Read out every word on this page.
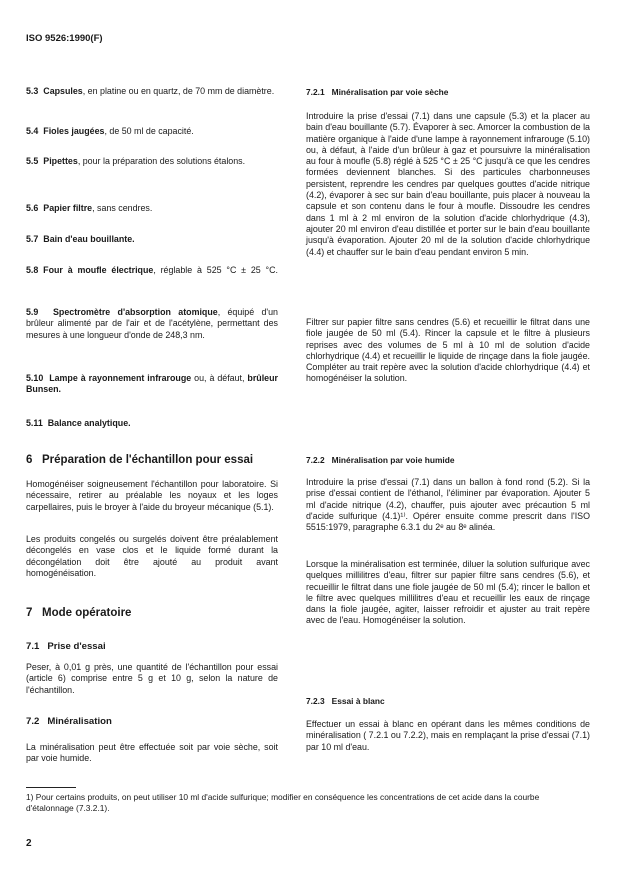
ISO 9526:1990(F)

5.3 Capsules, en platine ou en quartz, de 70 mm de diamètre.

5.4 Fioles jaugées, de 50 ml de capacité.

5.5 Pipettes, pour la préparation des solutions étalons.

5.6 Papier filtre, sans cendres.

5.7 Bain d'eau bouillante.

5.8 Four à moufle électrique, réglable à 525 °C ± 25 °C.

5.9 Spectromètre d'absorption atomique, équipé d'un brûleur alimenté par de l'air et de l'acétylène, permettant des mesures à une longueur d'onde de 248,3 nm.

5.10 Lampe à rayonnement infrarouge ou, à défaut, brûleur Bunsen.

5.11 Balance analytique.

6 Préparation de l'échantillon pour essai

Homogénéiser soigneusement l'échantillon pour laboratoire. Si nécessaire, retirer au préalable les noyaux et les loges carpellaires, puis le broyer à l'aide du broyeur mécanique (5.1).

Les produits congelés ou surgelés doivent être préalablement décongelés en vase clos et le liquide formé durant la décongélation doit être ajouté au produit avant homogénéisation.

7 Mode opératoire
7.1 Prise d'essai

Peser, à 0,01 g près, une quantité de l'échantillon pour essai (article 6) comprise entre 5 g et 10 g, selon la nature de l'échantillon.

7.2 Minéralisation

La minéralisation peut être effectuée soit par voie sèche, soit par voie humide.

7.2.1 Minéralisation par voie sèche

Introduire la prise d'essai (7.1) dans une capsule (5.3) et la placer au bain d'eau bouillante (5.7). Évaporer à sec. Amorcer la combustion de la matière organique à l'aide d'une lampe à rayonnement infrarouge (5.10) ou, à défaut, à l'aide d'un brûleur à gaz et poursuivre la minéralisation au four à moufle (5.8) réglé à 525 °C ± 25 °C jusqu'à ce que les cendres formées deviennent blanches. Si des particules charbonneuses persistent, reprendre les cendres par quelques gouttes d'acide nitrique (4.2), évaporer à sec sur bain d'eau bouillante, puis placer à nouveau la capsule et son contenu dans le four à moufle. Dissoudre les cendres dans 1 ml à 2 ml environ de la solution d'acide chlorhydrique (4.3), ajouter 20 ml environ d'eau distillée et porter sur le bain d'eau bouillante jusqu'à évaporation. Ajouter 20 ml de la solution d'acide chlorhydrique (4.4) et chauffer sur le bain d'eau pendant environ 5 min.

Filtrer sur papier filtre sans cendres (5.6) et recueillir le filtrat dans une fiole jaugée de 50 ml (5.4). Rincer la capsule et le filtre à plusieurs reprises avec des volumes de 5 ml à 10 ml de solution d'acide chlorhydrique (4.4) et recueillir le liquide de rinçage dans la fiole jaugée. Compléter au trait repère avec la solution d'acide chlorhydrique (4.4) et homogénéiser la solution.

7.2.2 Minéralisation par voie humide

Introduire la prise d'essai (7.1) dans un ballon à fond rond (5.2). Si la prise d'essai contient de l'éthanol, l'éliminer par évaporation. Ajouter 5 ml d'acide nitrique (4.2), chauffer, puis ajouter avec précaution 5 ml d'acide sulfurique (4.1)¹⁾. Opérer ensuite comme prescrit dans l'ISO 5515:1979, paragraphe 6.3.1 du 2ᵉ au 8ᵉ alinéa.

Lorsque la minéralisation est terminée, diluer la solution sulfurique avec quelques millilitres d'eau, filtrer sur papier filtre sans cendres (5.6), et recueillir le filtrat dans une fiole jaugée de 50 ml (5.4); rincer le ballon et le filtre avec quelques millilitres d'eau et recueillir les eaux de rinçage dans la fiole jaugée, agiter, laisser refroidir et ajuster au trait repère avec de l'eau. Homogénéiser la solution.

7.2.3 Essai à blanc

Effectuer un essai à blanc en opérant dans les mêmes conditions de minéralisation ( 7.2.1 ou 7.2.2), mais en remplaçant la prise d'essai (7.1) par 10 ml d'eau.

1) Pour certains produits, on peut utiliser 10 ml d'acide sulfurique; modifier en conséquence les concentrations de cet acide dans la courbe d'étalonnage (7.3.2.1).

2
